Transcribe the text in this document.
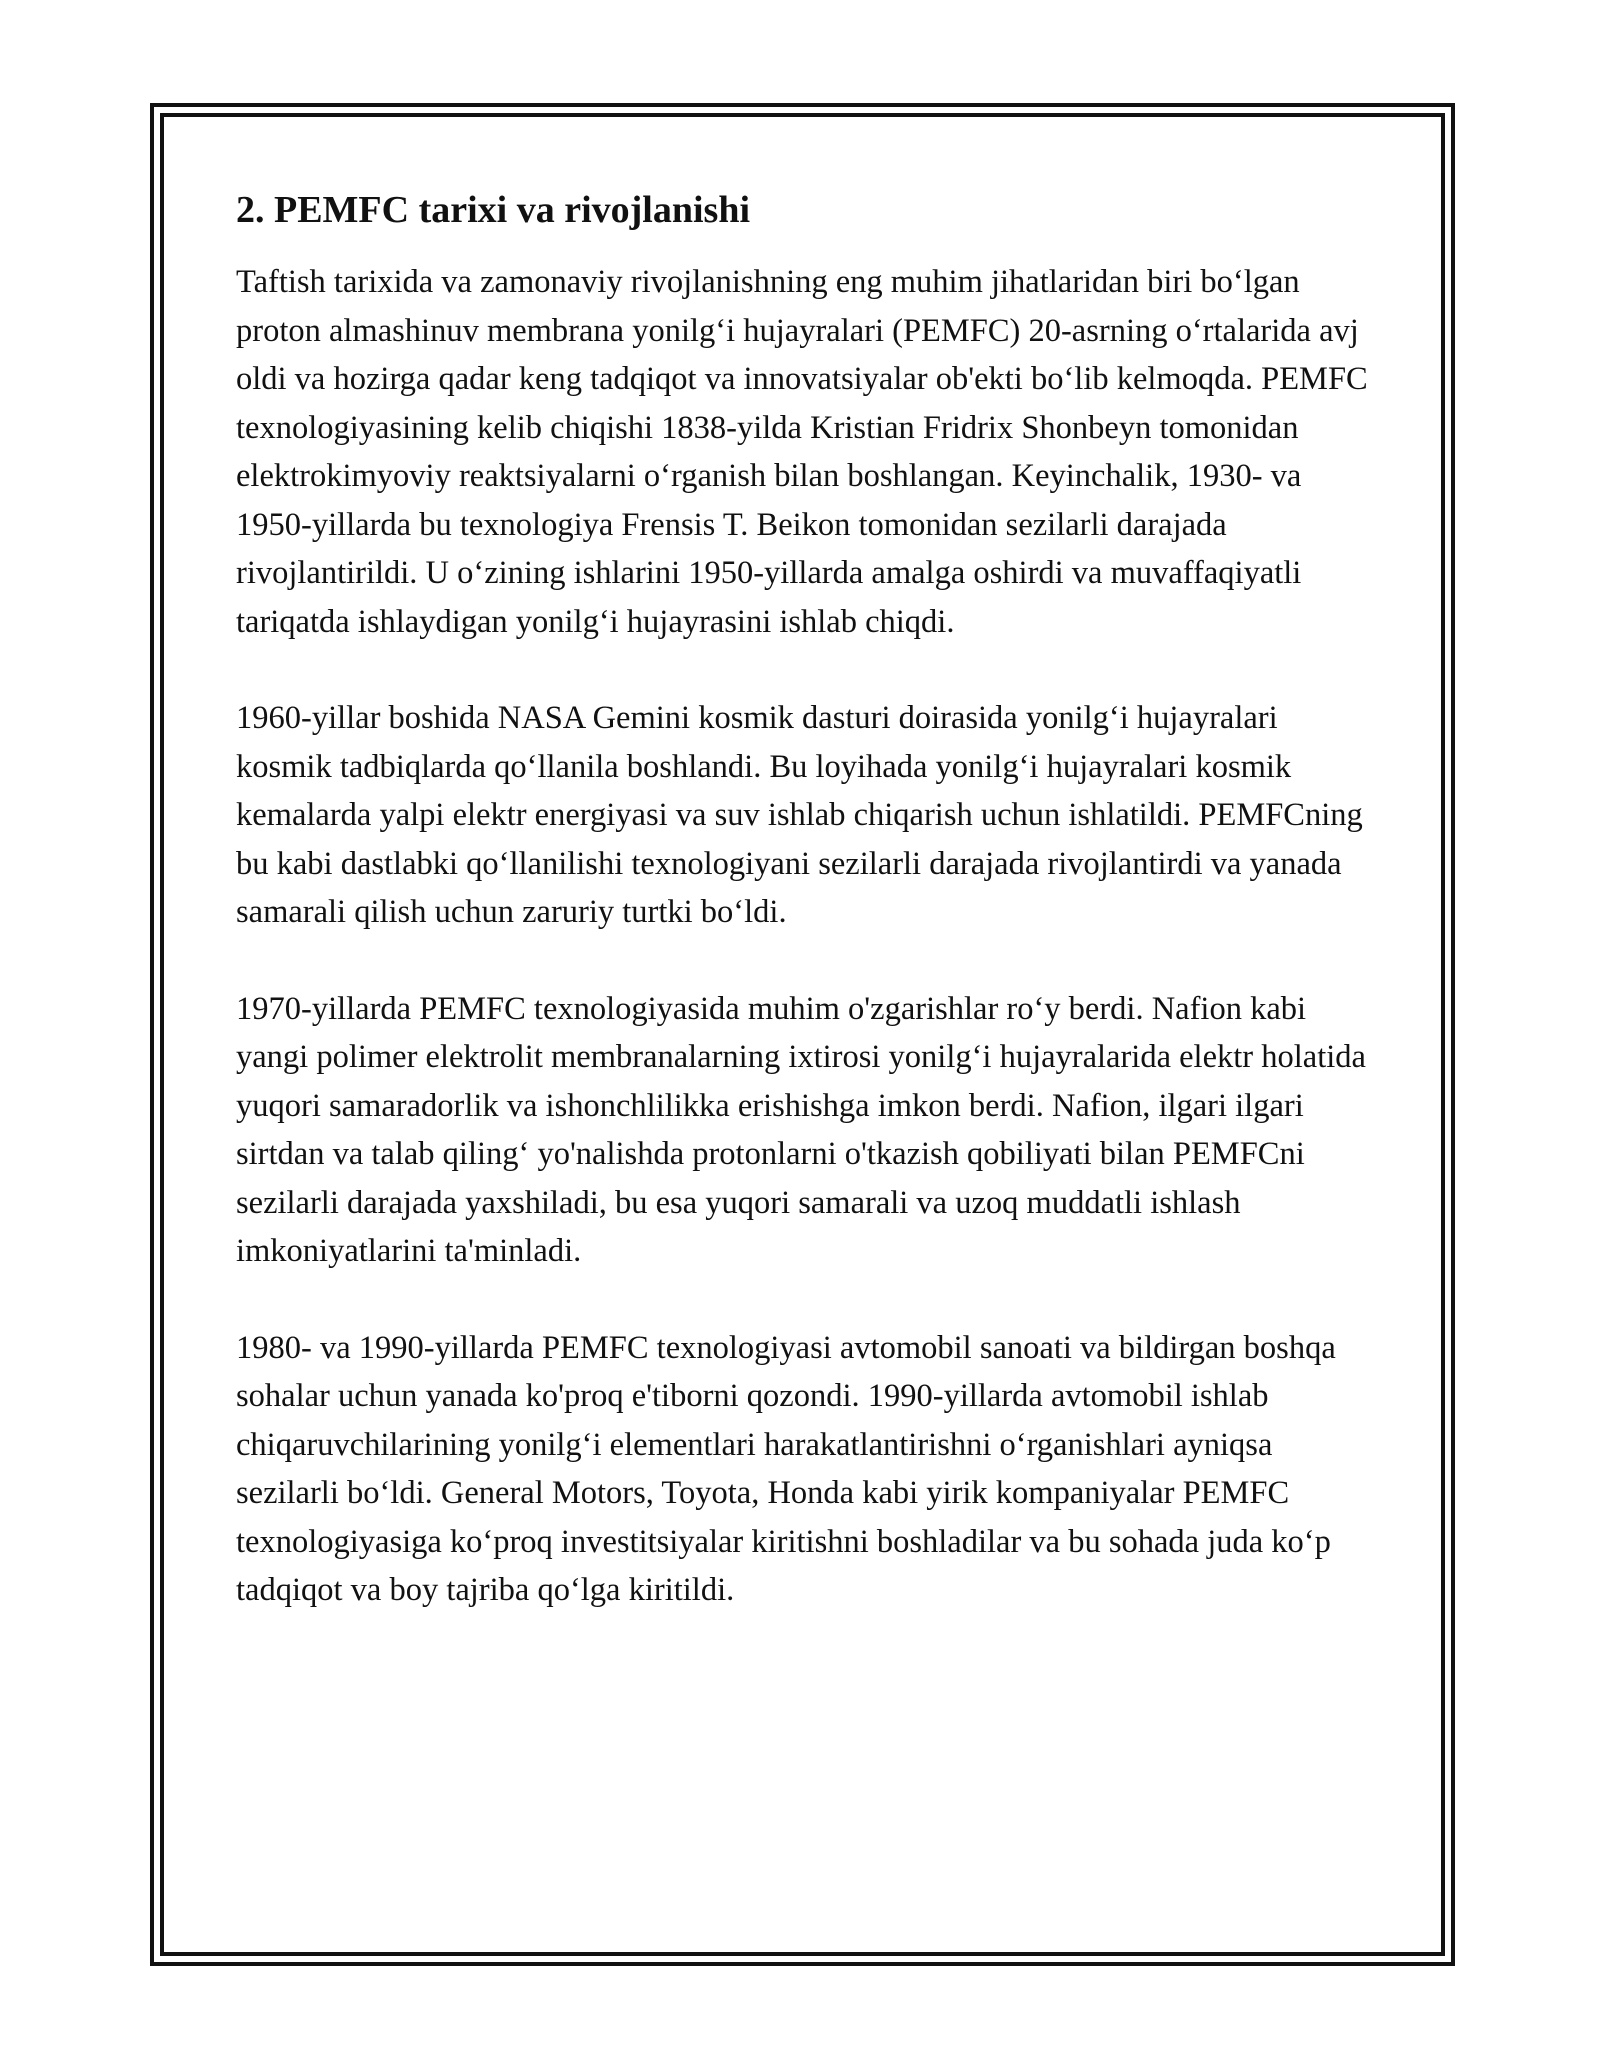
2. PEMFC tarixi va rivojlanishi

Taftish tarixida va zamonaviy rivojlanishning eng muhim jihatlaridan biri bo‘lgan proton almashinuv membrana yonilg‘i hujayralari (PEMFC) 20-asrning o‘rtalarida avj oldi va hozirga qadar keng tadqiqot va innovatsiyalar ob'ekti bo‘lib kelmoqda. PEMFC texnologiyasining kelib chiqishi 1838-yilda Kristian Fridrix Shonbeyn tomonidan elektrokimyoviy reaktsiyalarni o‘rganish bilan boshlangan. Keyinchalik, 1930- va 1950-yillarda bu texnologiya Frensis T. Beikon tomonidan sezilarli darajada rivojlantirildi. U o‘zining ishlarini 1950-yillarda amalga oshirdi va muvaffaqiyatli tariqatda ishlaydigan yonilg‘i hujayrasini ishlab chiqdi.

1960-yillar boshida NASA Gemini kosmik dasturi doirasida yonilg‘i hujayralari kosmik tadbiqlarda qo‘llanila boshlandi. Bu loyihada yonilg‘i hujayralari kosmik kemalarda yalpi elektr energiyasi va suv ishlab chiqarish uchun ishlatildi. PEMFCning bu kabi dastlabki qo‘llanilishi texnologiyani sezilarli darajada rivojlantirdi va yanada samarali qilish uchun zaruriy turtki bo‘ldi.

1970-yillarda PEMFC texnologiyasida muhim o'zgarishlar ro‘y berdi. Nafion kabi yangi polimer elektrolit membranalarning ixtirosi yonilg‘i hujayralarida elektr holatida yuqori samaradorlik va ishonchlilikka erishishga imkon berdi. Nafion, ilgari ilgari sirtdan va talab qiling‘ yo'nalishda protonlarni o'tkazish qobiliyati bilan PEMFCni sezilarli darajada yaxshiladi, bu esa yuqori samarali va uzoq muddatli ishlash imkoniyatlarini ta'minladi.

1980- va 1990-yillarda PEMFC texnologiyasi avtomobil sanoati va bildirgan boshqa sohalar uchun yanada ko'proq e'tiborni qozondi. 1990-yillarda avtomobil ishlab chiqaruvchilarining yonilg‘i elementlari harakatlantirishni o‘rganishlari ayniqsa sezilarli bo‘ldi. General Motors, Toyota, Honda kabi yirik kompaniyalar PEMFC texnologiyasiga ko‘proq investitsiyalar kiritishni boshladilar va bu sohada juda ko‘p tadqiqot va boy tajriba qo‘lga kiritildi.
